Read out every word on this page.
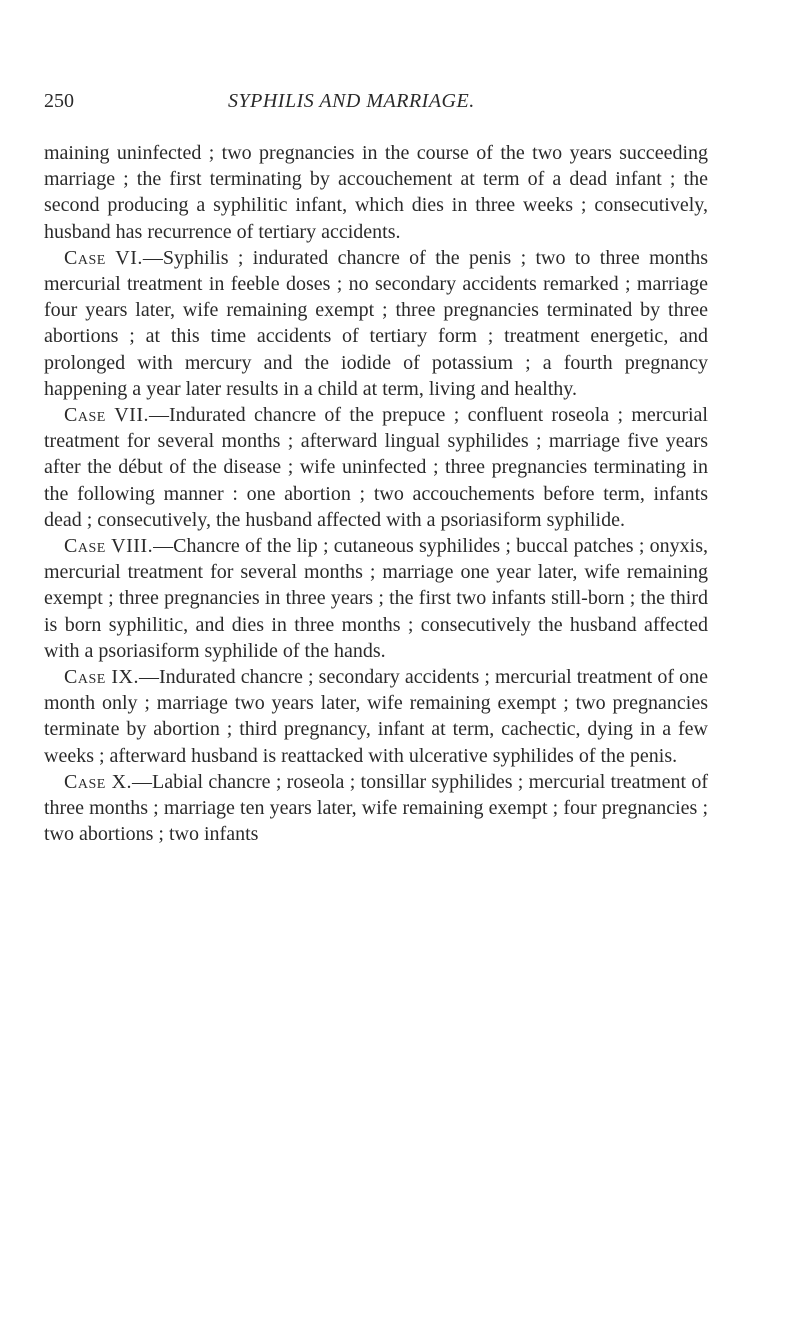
250	SYPHILIS AND MARRIAGE.

maining uninfected ; two pregnancies in the course of the two years succeeding marriage ; the first terminating by accouchement at term of a dead infant ; the second producing a syphilitic infant, which dies in three weeks ; consecutively, husband has recurrence of tertiary accidents.

Case VI.—Syphilis ; indurated chancre of the penis ; two to three months mercurial treatment in feeble doses ; no secondary accidents remarked ; marriage four years later, wife remaining exempt ; three pregnancies terminated by three abortions ; at this time accidents of tertiary form ; treatment energetic, and prolonged with mercury and the iodide of potassium ; a fourth pregnancy happening a year later results in a child at term, living and healthy.

Case VII.—Indurated chancre of the prepuce ; confluent roseola ; mercurial treatment for several months ; afterward lingual syphilides ; marriage five years after the début of the disease ; wife uninfected ; three pregnancies terminating in the following manner : one abortion ; two accouchements before term, infants dead ; consecutively, the husband affected with a psoriasiform syphilide.

Case VIII.—Chancre of the lip ; cutaneous syphilides ; buccal patches ; onyxis, mercurial treatment for several months ; marriage one year later, wife remaining exempt ; three pregnancies in three years ; the first two infants still-born ; the third is born syphilitic, and dies in three months ; consecutively the husband affected with a psoriasiform syphilide of the hands.

Case IX.—Indurated chancre ; secondary accidents ; mercurial treatment of one month only ; marriage two years later, wife remaining exempt ; two pregnancies terminate by abortion ; third pregnancy, infant at term, cachectic, dying in a few weeks ; afterward husband is reattacked with ulcerative syphilides of the penis.

Case X.—Labial chancre ; roseola ; tonsillar syphilides ; mercurial treatment of three months ; marriage ten years later, wife remaining exempt ; four pregnancies ; two abortions ; two infants
